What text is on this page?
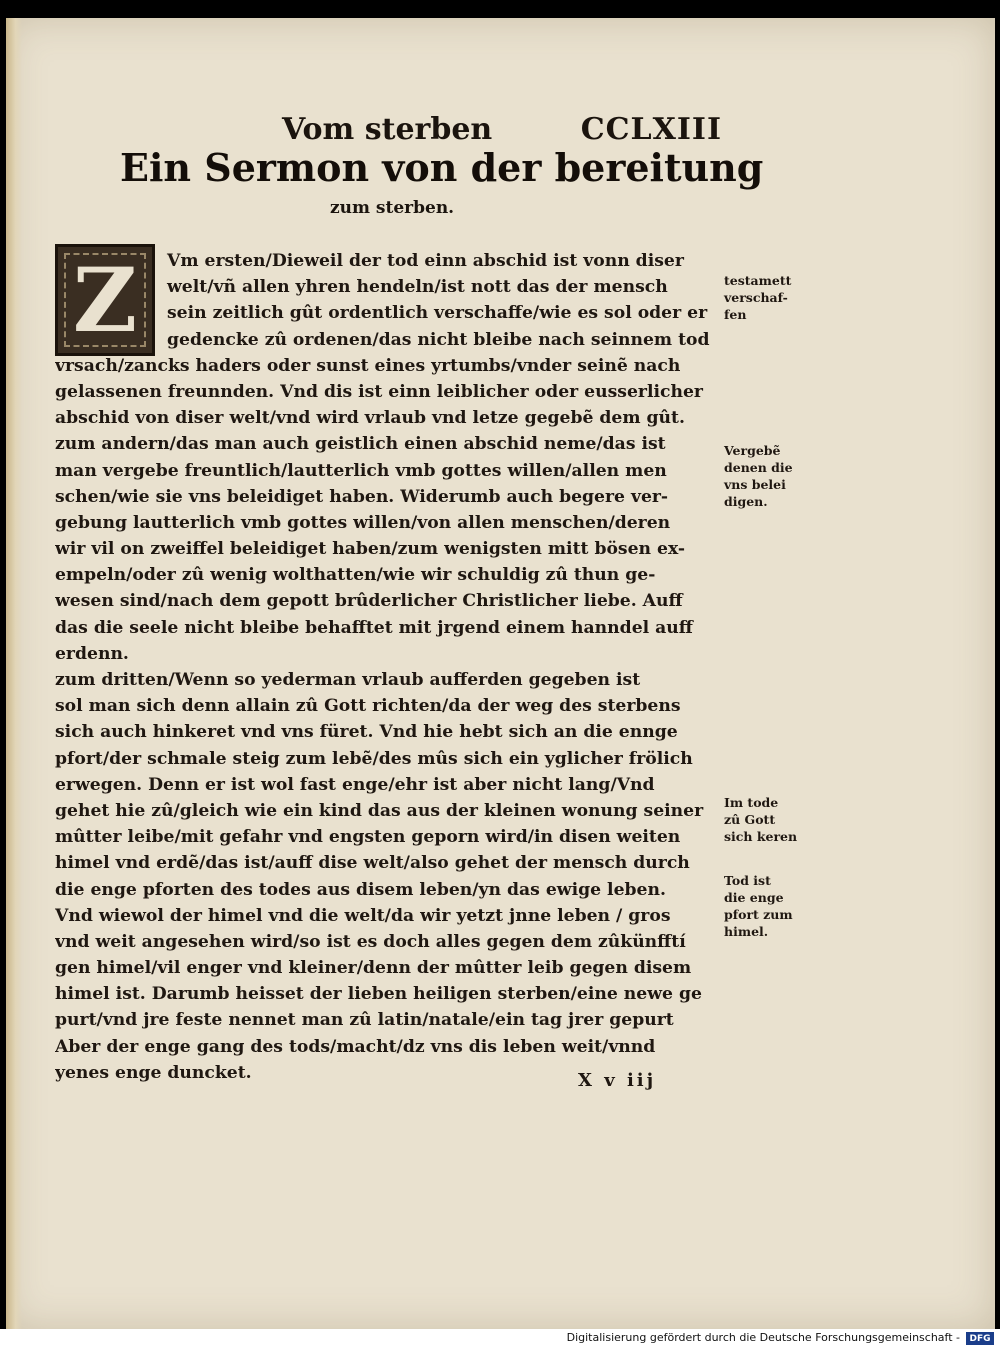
Vom sterben	CCLXIII
Ein Sermon von der bereitung
zum sterben.
Z	Vm ersten/Dieweil der tod einn abschid ist vonn diser
welt/vñ allen yhren hendeln/ist nott das der mensch
sein zeitlich gût ordentlich verschaffe/wie es sol oder er
gedencke zû ordenen/das nicht bleibe nach seinnem tod
vrsach/zancks haders oder sunst eines yrtumbs/vnder seinẽ nach
gelassenen freunnden. Vnd dis ist einn leiblicher oder eusserlicher
abschid von diser welt/vnd wird vrlaub vnd letze gegebẽ dem gût.
zum andern/das man auch geistlich einen abschid neme/das ist
man vergebe freuntlich/lautterlich vmb gottes willen/allen men
schen/wie sie vns beleidiget haben. Widerumb auch begere ver-
gebung lautterlich vmb gottes willen/von allen menschen/deren
wir vil on zweiffel beleidiget haben/zum wenigsten mitt bösen ex-
empeln/oder zû wenig wolthatten/wie wir schuldig zû thun ge-
wesen sind/nach dem gepott brûderlicher Christlicher liebe. Auff
das die seele nicht bleibe behafftet mit jrgend einem hanndel auff
erdenn.
zum dritten/Wenn so yederman vrlaub aufferden gegeben ist
sol man sich denn allain zû Gott richten/da der weg des sterbens
sich auch hinkeret vnd vns füret. Vnd hie hebt sich an die ennge
pfort/der schmale steig zum lebẽ/des mûs sich ein yglicher frölich
erwegen. Denn er ist wol fast enge/ehr ist aber nicht lang/Vnd
gehet hie zû/gleich wie ein kind das aus der kleinen wonung seiner
mûtter leibe/mit gefahr vnd engsten geporn wird/in disen weiten
himel vnd erdẽ/das ist/auff dise welt/also gehet der mensch durch
die enge pforten des todes aus disem leben/yn das ewige leben.
Vnd wiewol der himel vnd die welt/da wir yetzt jnne leben / gros
vnd weit angesehen wird/so ist es doch alles gegen dem zûkünfftí
gen himel/vil enger vnd kleiner/denn der mûtter leib gegen disem
himel ist. Darumb heisset der lieben heiligen sterben/eine newe ge
purt/vnd jre feste nennet man zû latin/natale/ein tag jrer gepurt
Aber der enge gang des tods/macht/dz vns dis leben weit/vnnd
yenes enge duncket.
testamett
verschaf-
fen
Vergebẽ
denen die
vns belei
digen.
Im tode
zû Gott
sich keren
Tod ist
die enge
pfort zum
himel.
X v iij
Digitalisierung gefördert durch die Deutsche Forschungsgemeinschaft -	DFG
